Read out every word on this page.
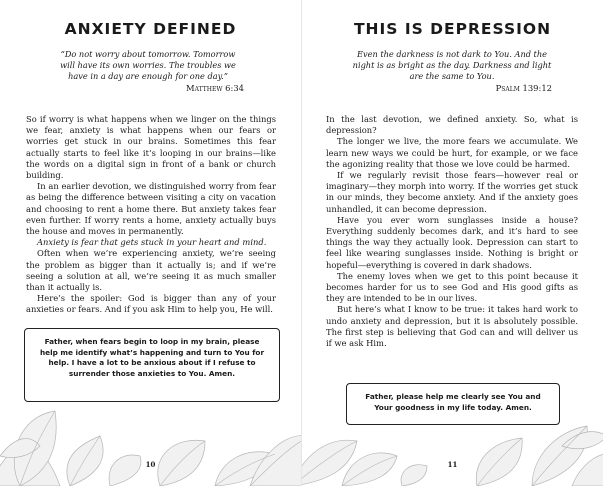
ANXIETY DEFINED
“Do not worry about tomorrow. Tomorrow will have its own worries. The troubles we have in a day are enough for one day.”
Matthew 6:34

So if worry is what happens when we linger on the things we fear, anxiety is what happens when our fears or worries get stuck in our brains. Sometimes this fear actually starts to feel like it’s looping in our brains—like the words on a digital sign in front of a bank or church building.

In an earlier devotion, we distinguished worry from fear as being the difference between visiting a city on vacation and choosing to rent a home there. But anxiety takes fear even further. If worry rents a home, anxiety actually buys the house and moves in permanently.

Anxiety is fear that gets stuck in your heart and mind.

Often when we’re experiencing anxiety, we’re seeing the problem as bigger than it actually is; and if we’re seeing a solution at all, we’re seeing it as much smaller than it actually is.

Here’s the spoiler: God is bigger than any of your anxieties or fears. And if you ask Him to help you, He will.

Father, when fears begin to loop in my brain, please help me identify what’s happening and turn to You for help. I have a lot to be anxious about if I refuse to surrender those anxieties to You. Amen.
10
THIS IS DEPRESSION
Even the darkness is not dark to You. And the night is as bright as the day. Darkness and light are the same to You.
Psalm 139:12

In the last devotion, we defined anxiety. So, what is depression?

The longer we live, the more fears we accumulate. We learn new ways we could be hurt, for example, or we face the agonizing reality that those we love could be harmed.

If we regularly revisit those fears—however real or imaginary—they morph into worry. If the worries get stuck in our minds, they become anxiety. And if the anxiety goes unhandled, it can become depression.

Have you ever worn sunglasses inside a house? Everything suddenly becomes dark, and it’s hard to see things the way they actually look. Depression can start to feel like wearing sunglasses inside. Nothing is bright or hopeful—everything is covered in dark shadows.

The enemy loves when we get to this point because it becomes harder for us to see God and His good gifts as they are intended to be in our lives.

But here’s what I know to be true: it takes hard work to undo anxiety and depression, but it is absolutely possible. The first step is believing that God can and will deliver us if we ask Him.

Father, please help me clearly see You and Your goodness in my life today. Amen.
11
